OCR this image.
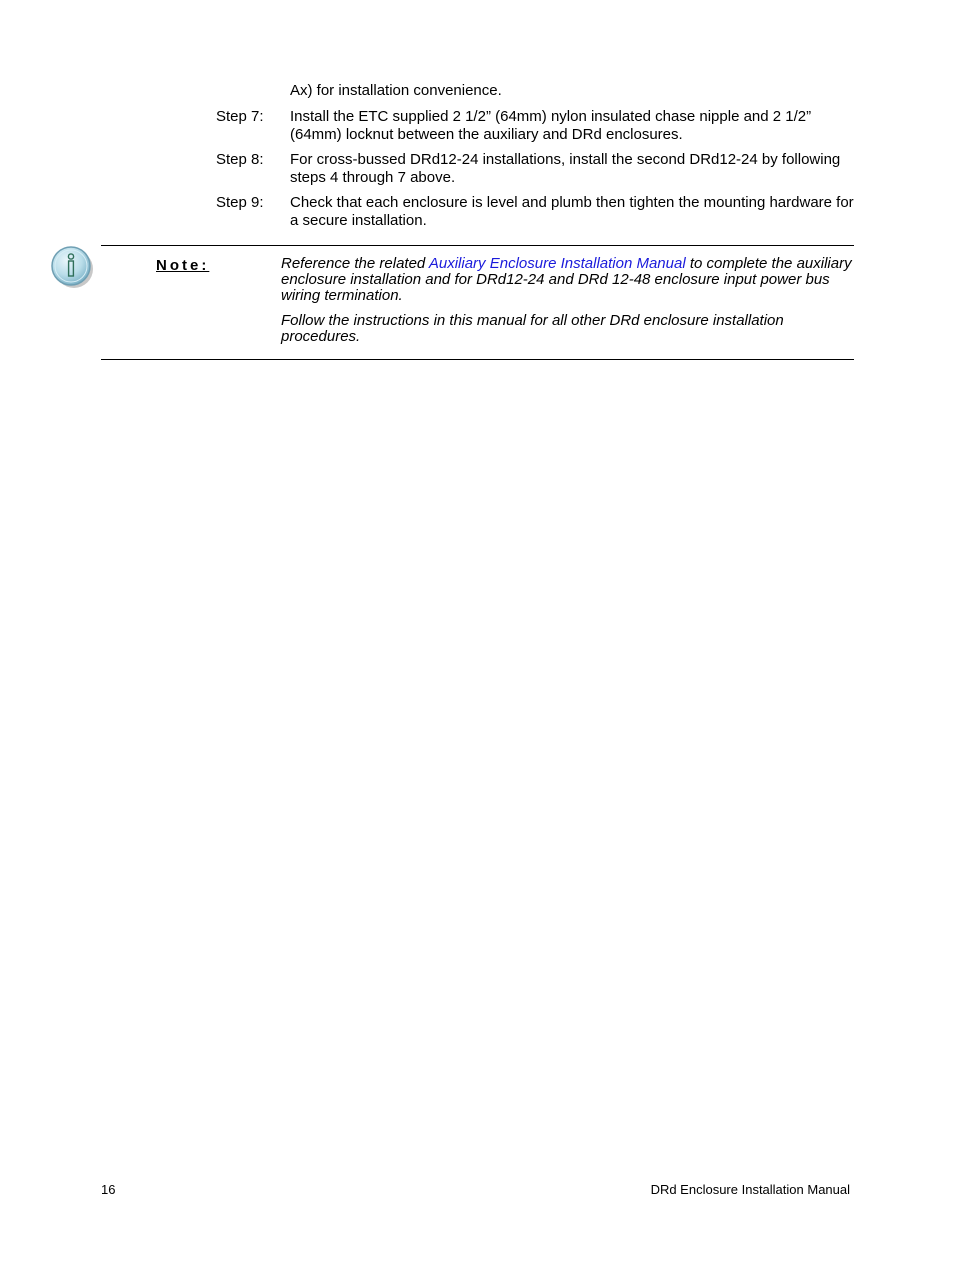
Ax) for installation convenience.
Step 7:	Install the ETC supplied 2 1/2” (64mm) nylon insulated chase nipple and 2 1/2” (64mm) locknut between the auxiliary and DRd enclosures.
Step 8:	For cross-bussed DRd12-24 installations, install the second DRd12-24 by following steps 4 through 7 above.
Step 9:	Check that each enclosure is level and plumb then tighten the mounting hardware for a secure installation.
Note:	Reference the related Auxiliary Enclosure Installation Manual to complete the auxiliary enclosure installation and for DRd12-24 and DRd 12-48 enclosure input power bus wiring termination.

Follow the instructions in this manual for all other DRd enclosure installation procedures.

16	DRd Enclosure Installation Manual
